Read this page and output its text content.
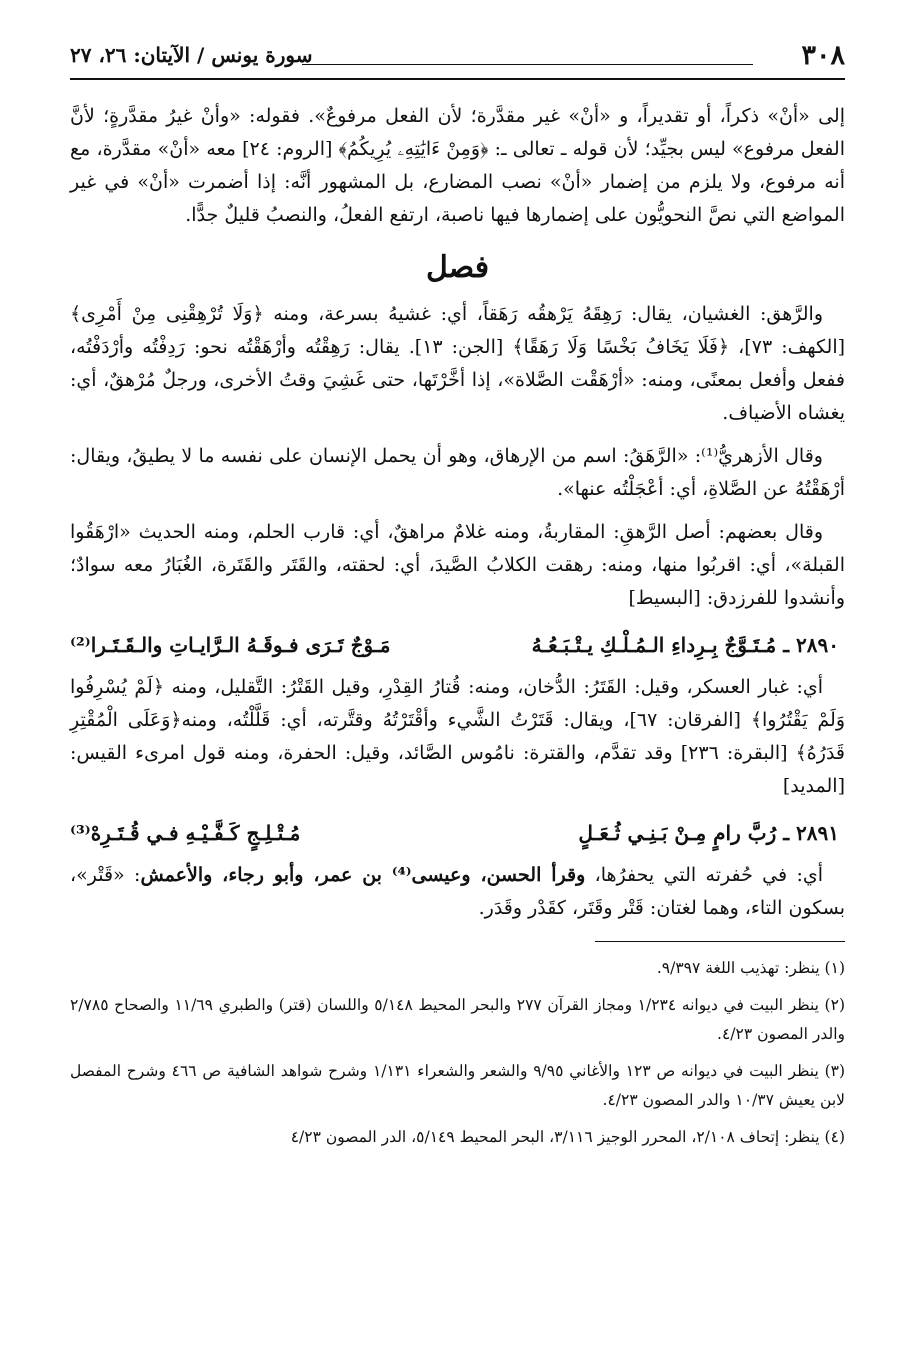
٣٠٨
سورة يونس / الآيتان: ٢٦، ٢٧

إلى «أنْ» ذكراً، أو تقديراً، و «أنْ» غير مقدَّرة؛ لأن الفعل مرفوعٌ». فقوله: «وأنْ غيرُ مقدَّرةٍ؛ لأنَّ الفعل مرفوع» ليس بجيِّد؛ لأن قوله ـ تعالى ـ: ﴿وَمِنْ ءَايَٰتِهِۦ يُرِيكُمُ﴾ [الروم: ٢٤] معه «أنْ» مقدَّرة، مع أنه مرفوع، ولا يلزم من إضمار «أنْ» نصب المضارع، بل المشهور أنَّه: إذا أضمرت «أنْ» في غير المواضع التي نصَّ النحويُّون على إضمارها فيها ناصبة، ارتفع الفعلُ، والنصبُ قليلٌ جدًّا.

فصل

والرَّهق: الغشيان، يقال: رَهِقَهُ يَرْهقُه رَهَقاً، أي: غشيهُ بسرعة، ومنه ﴿وَلَا تُرْهِقْنِى مِنْ أَمْرِى﴾ [الكهف: ٧٣]، ﴿فَلَا يَخَافُ بَخْسًا وَلَا رَهَقًا﴾ [الجن: ١٣]. يقال: رَهِقْتُه وأرْهَقْتُه نحو: رَدِفْتُه وأرْدَفْتُه، ففعل وأفعل بمعنًى، ومنه: «أرْهَقْت الصَّلاة»، إذا أخَّرْتَها، حتى غَشِيَ وقتُ الأخرى، ورجلٌ مُرْهقٌ، أي: يغشاه الأضياف.

وقال الأزهريُّ⁽¹⁾: «الرَّهَقُ: اسم من الإرهاق، وهو أن يحمل الإنسان على نفسه ما لا يطيقُ، ويقال: أرْهَقْتُهُ عن الصَّلاةِ، أي: أعْجَلْتُه عنها».

وقال بعضهم: أصل الرَّهقِ: المقاربةُ، ومنه غلامٌ مراهقٌ، أي: قارب الحلم، ومنه الحديث «ارْهَقُوا القبلة»، أي: اقربُوا منها، ومنه: رهقت الكلابُ الصَّيدَ، أي: لحقته، والقَتَر والقَتَرة، الغُبَارُ معه سوادٌ؛ وأنشدوا للفرزدق: [البسيط]

٢٨٩٠ ـ مُـتَـوَّجٌ بِـرِداءِ الـمُـلْـكِ يـتْـبَـعُـهُ
مَـوْجٌ تَـرَى فـوقَـهُ الـرَّايـاتِ والـقَـتَـرا⁽²⁾

أي: غبار العسكر، وقيل: القَتَرُ: الدُّخان، ومنه: قُتارُ القِدْرِ، وقيل القَتْرُ: التَّقليل، ومنه ﴿لَمْ يُسْرِفُوا وَلَمْ يَقْتُرُوا﴾ [الفرقان: ٦٧]، ويقال: قَتَرْتُ الشَّيء وأقْتَرْتُهُ وقتَّرته، أي: قَلَّلْتُه، ومنه﴿وَعَلَى الْمُقْتِرِ قَدَرُهُ﴾ [البقرة: ٢٣٦] وقد تقدَّم، والقترة: نامُوس الصَّائد، وقيل: الحفرة، ومنه قول امرىء القيس: [المديد]

٢٨٩١ ـ رُبَّ رامٍ مِـنْ بَـنِـي ثُـعَـلٍ
مُـتْـلِـجٍ كَـفَّـيْـهِ فـي قُـتَـرِهْ⁽³⁾

أي: في حُفرته التي يحفرُها، وقرأ الحسن، وعيسى⁽⁴⁾ بن عمر، وأبو رجاء، والأعمش: «قَتْر»، بسكون التاء، وهما لغتان: قَتْر وقَتَر، كقَدْر وقَدَر.

(١) ينظر: تهذيب اللغة ٩/٣٩٧.

(٢) ينظر البيت في ديوانه ١/٢٣٤ ومجاز القرآن ٢٧٧ والبحر المحيط ٥/١٤٨ واللسان (قتر) والطبري ١١/٦٩ والصحاح ٢/٧٨٥ والدر المصون ٤/٢٣.

(٣) ينظر البيت في ديوانه ص ١٢٣ والأغاني ٩/٩٥ والشعر والشعراء ١/١٣١ وشرح شواهد الشافية ص ٤٦٦ وشرح المفصل لابن يعيش ١٠/٣٧ والدر المصون ٤/٢٣.

(٤) ينظر: إتحاف ٢/١٠٨، المحرر الوجيز ٣/١١٦، البحر المحيط ٥/١٤٩، الدر المصون ٤/٢٣
